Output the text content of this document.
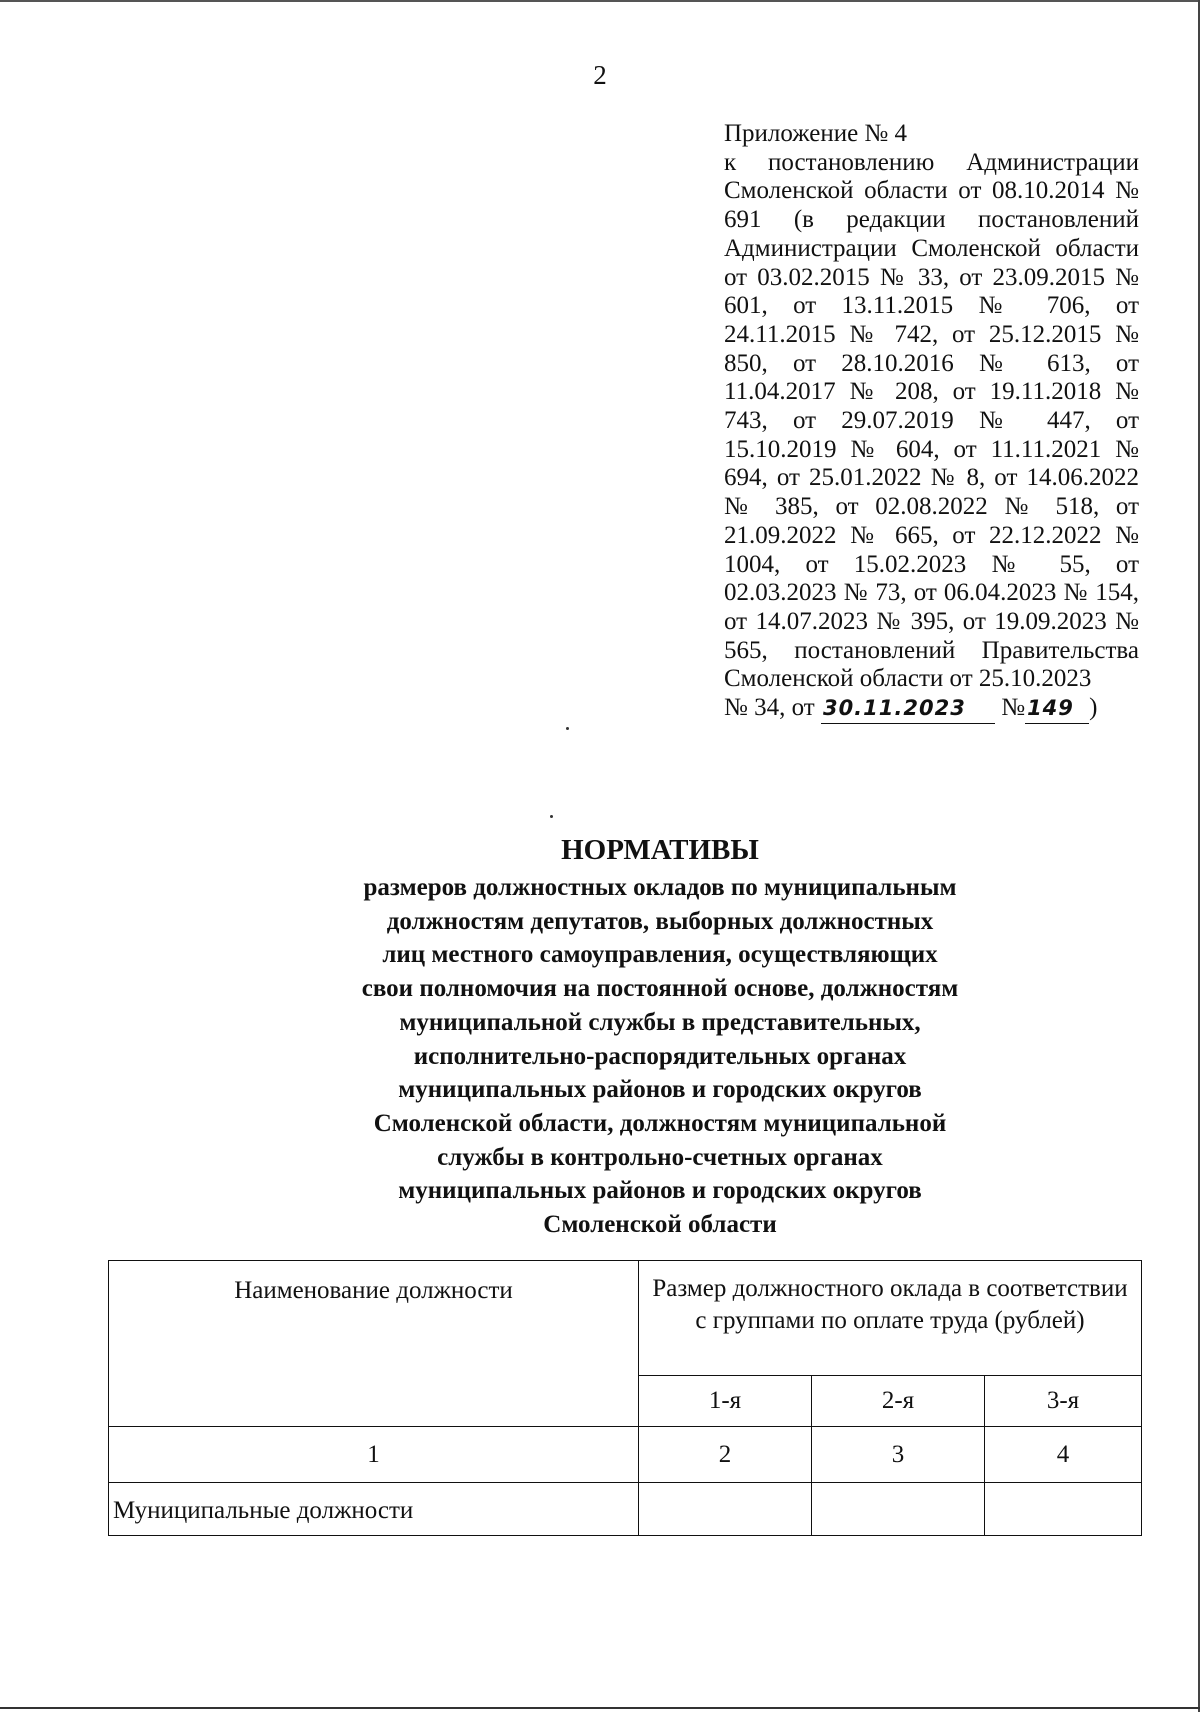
2
Приложение № 4
к постановлению Администрации Смоленской области от 08.10.2014 № 691 (в редакции постановлений Администрации Смоленской области от 03.02.2015 № 33, от 23.09.2015 № 601, от 13.11.2015 № 706, от 24.11.2015 № 742, от 25.12.2015 № 850, от 28.10.2016 № 613, от 11.04.2017 № 208, от 19.11.2018 № 743, от 29.07.2019 № 447, от 15.10.2019 № 604, от 11.11.2021 № 694, от 25.01.2022 № 8, от 14.06.2022 № 385, от 02.08.2022 № 518, от 21.09.2022 № 665, от 22.12.2022 № 1004, от 15.02.2023 № 55, от 02.03.2023 № 73, от 06.04.2023 № 154, от 14.07.2023 № 395, от 19.09.2023 № 565, постановлений Правительства Смоленской области от 25.10.2023
№ 34, от 30.11.2023 №149 )
НОРМАТИВЫ
размеров должностных окладов по муниципальным
должностям депутатов, выборных должностных
лиц местного самоуправления, осуществляющих
свои полномочия на постоянной основе, должностям
муниципальной службы в представительных,
исполнительно-распорядительных органах
муниципальных районов и городских округов
Смоленской области, должностям муниципальной
службы в контрольно-счетных органах
муниципальных районов и городских округов
Смоленской области
Наименование должности	Размер должностного оклада в соответствии с группами по оплате труда (рублей)		
	1-я	2-я	3-я
1	2	3	4
Муниципальные должности			
